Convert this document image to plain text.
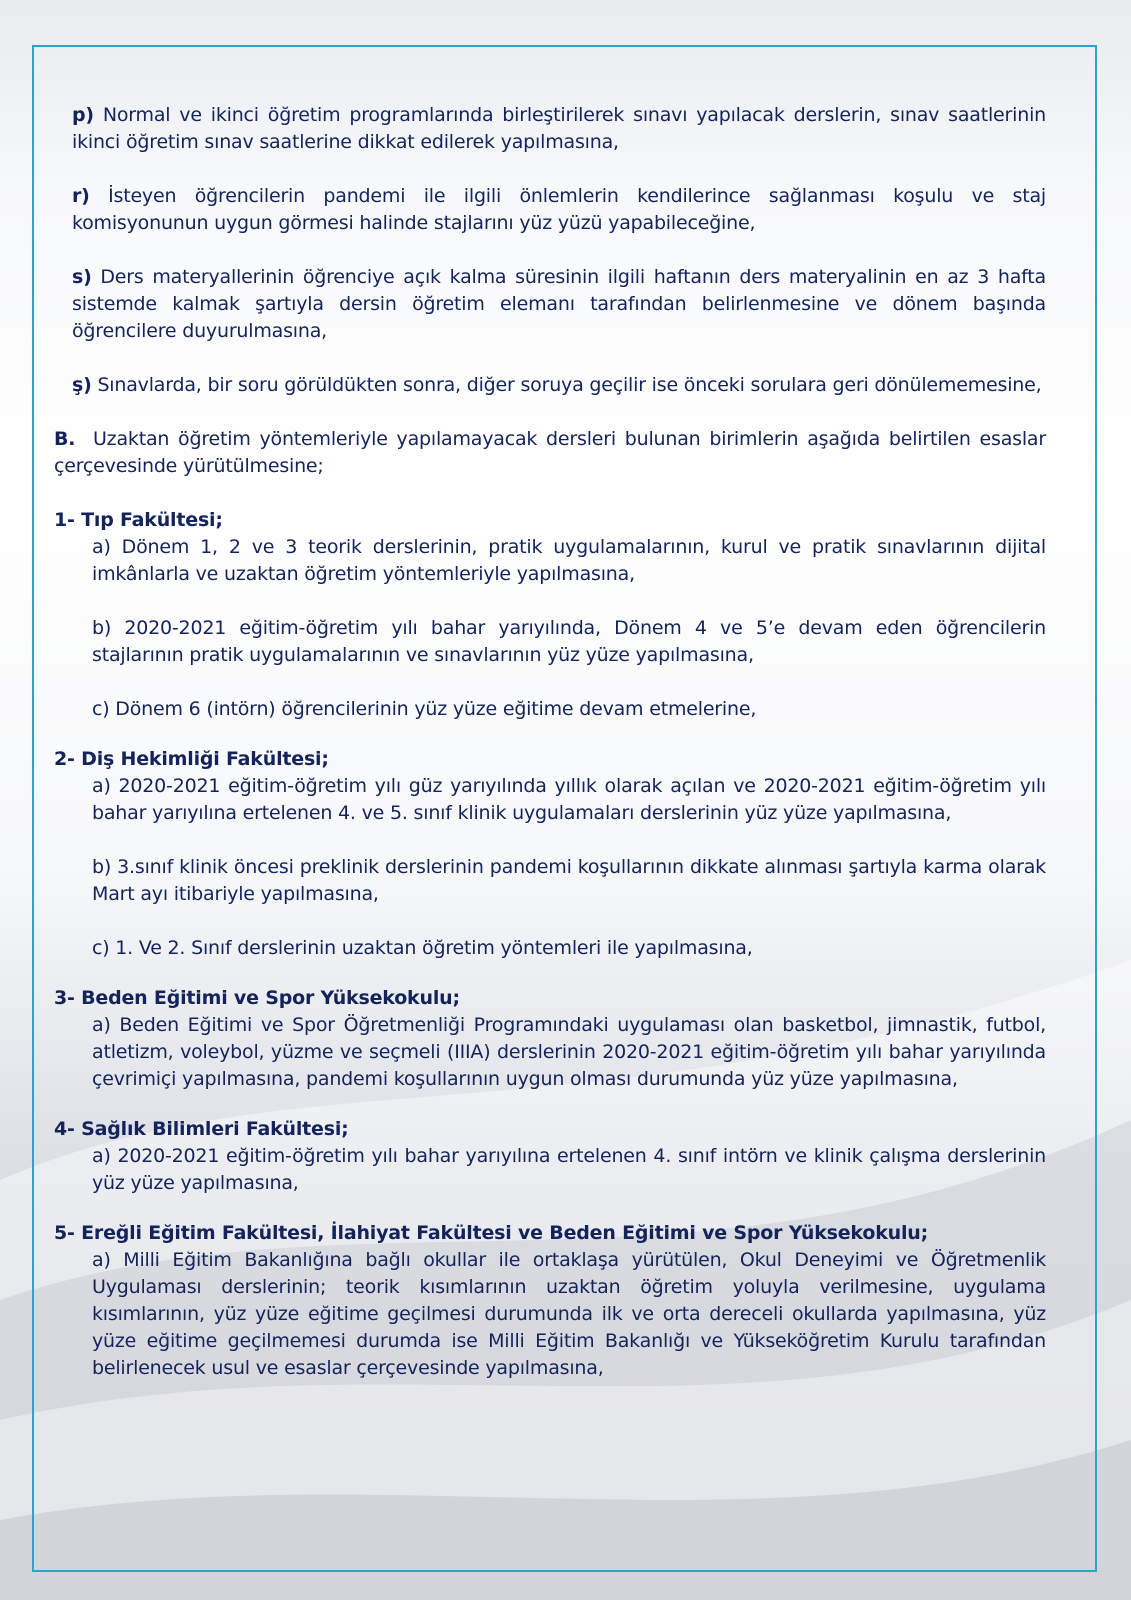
p) Normal ve ikinci öğretim programlarında birleştirilerek sınavı yapılacak derslerin, sınav saatlerinin ikinci öğretim sınav saatlerine dikkat edilerek yapılmasına,

r) İsteyen öğrencilerin pandemi ile ilgili önlemlerin kendilerince sağlanması koşulu ve staj komisyonunun uygun görmesi halinde stajlarını yüz yüzü yapabileceğine,

s) Ders materyallerinin öğrenciye açık kalma süresinin ilgili haftanın ders materyalinin en az 3 hafta sistemde kalmak şartıyla dersin öğretim elemanı tarafından belirlenmesine ve dönem başında öğrencilere duyurulmasına,

ş) Sınavlarda, bir soru görüldükten sonra, diğer soruya geçilir ise önceki sorulara geri dönülememesine,

B. Uzaktan öğretim yöntemleriyle yapılamayacak dersleri bulunan birimlerin aşağıda belirtilen esaslar çerçevesinde yürütülmesine;

1- Tıp Fakültesi;

a) Dönem 1, 2 ve 3 teorik derslerinin, pratik uygulamalarının, kurul ve pratik sınavlarının dijital imkânlarla ve uzaktan öğretim yöntemleriyle yapılmasına,

b) 2020-2021 eğitim-öğretim yılı bahar yarıyılında, Dönem 4 ve 5’e devam eden öğrencilerin stajlarının pratik uygulamalarının ve sınavlarının yüz yüze yapılmasına,

c) Dönem 6 (intörn) öğrencilerinin yüz yüze eğitime devam etmelerine,

2- Diş Hekimliği Fakültesi;

a) 2020-2021 eğitim-öğretim yılı güz yarıyılında yıllık olarak açılan ve 2020-2021 eğitim-öğretim yılı bahar yarıyılına ertelenen 4. ve 5. sınıf klinik uygulamaları derslerinin yüz yüze yapılmasına,

b) 3.sınıf klinik öncesi preklinik derslerinin pandemi koşullarının dikkate alınması şartıyla karma olarak Mart ayı itibariyle yapılmasına,

c) 1. Ve 2. Sınıf derslerinin uzaktan öğretim yöntemleri ile yapılmasına,

3- Beden Eğitimi ve Spor Yüksekokulu;

a) Beden Eğitimi ve Spor Öğretmenliği Programındaki uygulaması olan basketbol, jimnastik, futbol, atletizm, voleybol, yüzme ve seçmeli (IIIA) derslerinin 2020-2021 eğitim-öğretim yılı bahar yarıyılında çevrimiçi yapılmasına, pandemi koşullarının uygun olması durumunda yüz yüze yapılmasına,

4- Sağlık Bilimleri Fakültesi;

a) 2020-2021 eğitim-öğretim yılı bahar yarıyılına ertelenen 4. sınıf intörn ve klinik çalışma derslerinin yüz yüze yapılmasına,

5- Ereğli Eğitim Fakültesi, İlahiyat Fakültesi ve Beden Eğitimi ve Spor Yüksekokulu;

a) Milli Eğitim Bakanlığına bağlı okullar ile ortaklaşa yürütülen, Okul Deneyimi ve Öğretmenlik Uygulaması derslerinin; teorik kısımlarının uzaktan öğretim yoluyla verilmesine, uygulama kısımlarının, yüz yüze eğitime geçilmesi durumunda ilk ve orta dereceli okullarda yapılmasına, yüz yüze eğitime geçilmemesi durumda ise Milli Eğitim Bakanlığı ve Yükseköğretim Kurulu tarafından belirlenecek usul ve esaslar çerçevesinde yapılmasına,
